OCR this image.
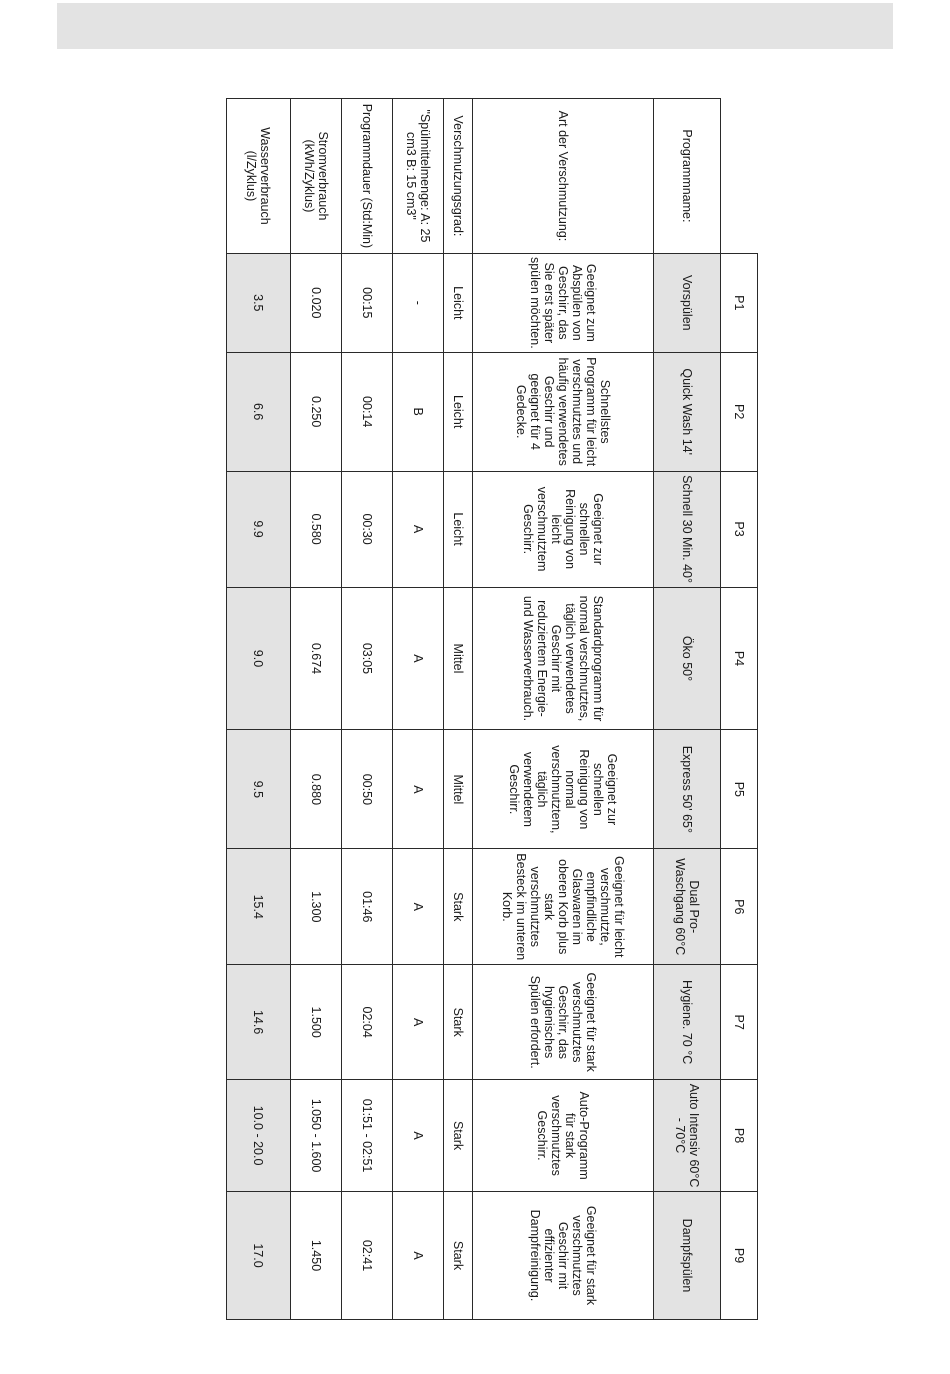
	P1	P2	P3	P4	P5	P6	P7	P8	P9
Programmname:	Vorspülen	Quick Wash 14'	Schnell 30 Min. 40°	Öko 50°	Express 50' 65°	Dual Pro-Waschgang 60°C	Hygiene. 70 °C	Auto Intensiv 60°C - 70°C	Dampfspülen
Art der Verschmutzung:	Geeignet zum Abspülen von Geschirr, das Sie erst später spülen möchten.	Schnellstes Programm für leicht verschmutztes und häufig verwendetes Geschirr und geeignet für 4 Gedecke.	Geeignet zur schnellen Reinigung von leicht verschmutztem Geschirr.	Standardprogramm für normal verschmutztes, täglich verwendetes Geschirr mit reduziertem Energie- und Wasserverbrauch.	Geeignet zur schnellen Reinigung von normal verschmutztem, täglich verwendetem Geschirr.	Geeignet für leicht verschmutzte, empfindliche Glaswaren im oberen Korb plus stark verschmutztes Besteck im unteren Korb.	Geeignet für stark verschmutztes Geschirr, das hygienisches Spülen erfordert.	Auto-Programm für stark verschmutztes Geschirr.	Geeignet für stark verschmutztes Geschirr mit effizienter Dampfreinigung.
Verschmutzungsgrad:	Leicht	Leicht	Leicht	Mittel	Mittel	Stark	Stark	Stark	Stark
"Spülmittelmenge: A: 25 cm3 B: 15 cm3"	-	B	A	A	A	A	A	A	A
Programmdauer (Std:Min)	00:15	00:14	00:30	03:05	00:50	01:46	02:04	01:51 - 02:51	02:41
Stromverbrauch (kWh/Zyklus)	0.020	0.250	0.580	0.674	0.880	1.300	1.500	1.050 - 1.600	1.450
Wasserverbrauch (l/Zyklus)	3.5	6.6	9.9	9.0	9.5	15.4	14.6	10.0 - 20.0	17.0
